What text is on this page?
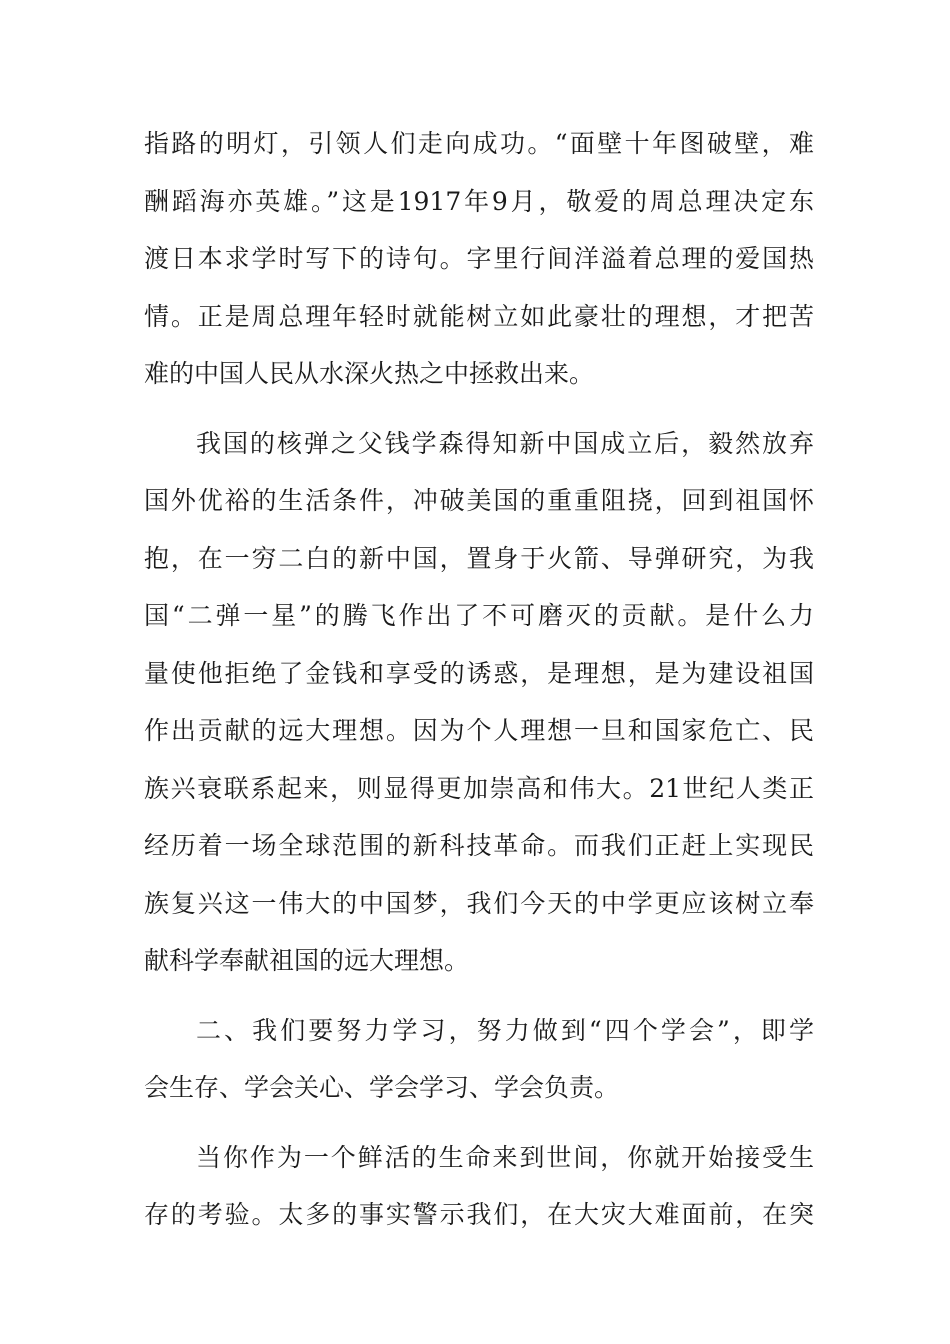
指路的明灯，引领人们走向成功。“面壁十年图破壁，难
酬蹈海亦英雄。”这是1917年9月，敬爱的周总理决定东
渡日本求学时写下的诗句。字里行间洋溢着总理的爱国热
情。正是周总理年轻时就能树立如此豪壮的理想，才把苦
难的中国人民从水深火热之中拯救出来。
我国的核弹之父钱学森得知新中国成立后，毅然放弃
国外优裕的生活条件，冲破美国的重重阻挠，回到祖国怀
抱，在一穷二白的新中国，置身于火箭、导弹研究，为我
国“二弹一星”的腾飞作出了不可磨灭的贡献。是什么力
量使他拒绝了金钱和享受的诱惑，是理想，是为建设祖国
作出贡献的远大理想。因为个人理想一旦和国家危亡、民
族兴衰联系起来，则显得更加崇高和伟大。21世纪人类正
经历着一场全球范围的新科技革命。而我们正赶上实现民
族复兴这一伟大的中国梦，我们今天的中学更应该树立奉
献科学奉献祖国的远大理想。
二、我们要努力学习，努力做到“四个学会”，即学
会生存、学会关心、学会学习、学会负责。
当你作为一个鲜活的生命来到世间，你就开始接受生
存的考验。太多的事实警示我们，在大灾大难面前，在突
